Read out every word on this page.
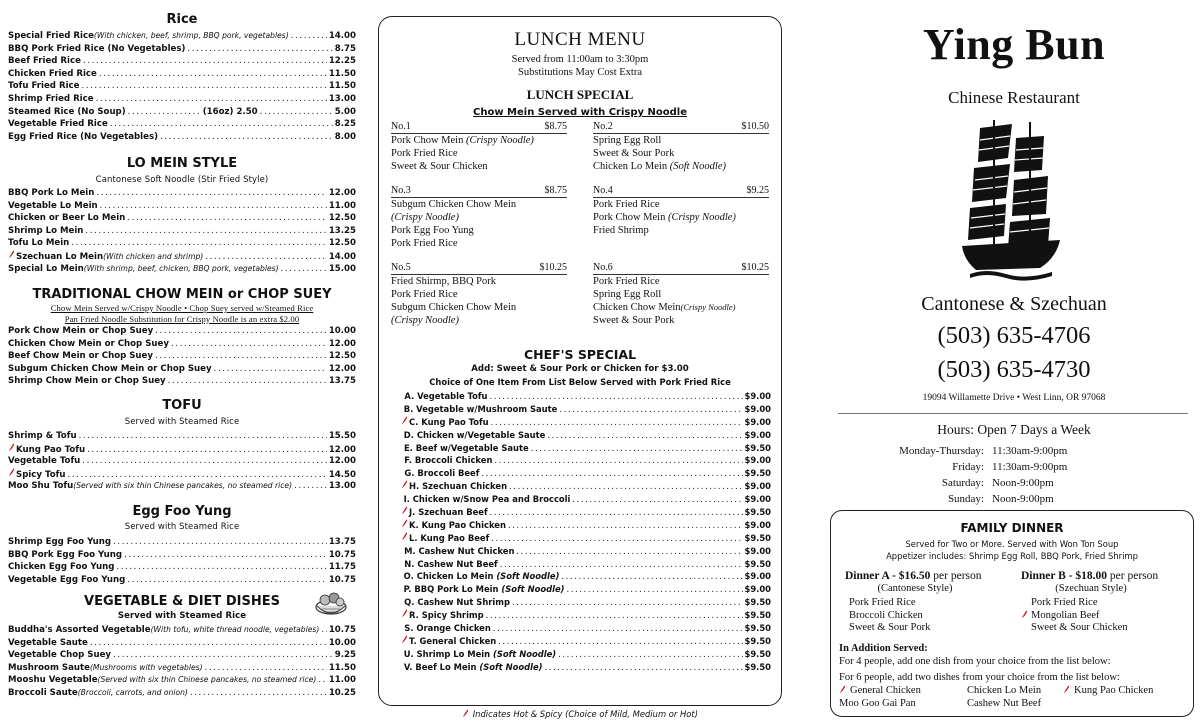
Rice
Special Fried Rice(With chicken, beef, shrimp, BBQ pork, vegetables) .....	14.00
BBQ Pork Fried Rice (No Vegetables) .....	8.75
Beef Fried Rice .....	12.25
Chicken Fried Rice .....	11.50
Tofu Fried Rice .....	11.50
Shrimp Fried Rice .....	13.00
Steamed Rice (No Soup) .....	(16oz) 2.50 .....	5.00
Vegetable Fried Rice .....	8.25
Egg Fried Rice (No Vegetables) .....	8.00
LO MEIN STYLE
Cantonese Soft Noodle (Stir Fried Style)
BBQ Pork Lo Mein .....	12.00
Vegetable Lo Mein .....	11.00
Chicken or Beer Lo Mein .....	12.50
Shrimp Lo Mein .....	13.25
Tofu Lo Mein .....	12.50
Szechuan Lo Mein(With chicken and shrimp) .....	14.00
Special Lo Mein(With shrimp, beef, chicken, BBQ pork, vegetables) .....	15.00
TRADITIONAL CHOW MEIN or CHOP SUEY
Chow Mein Served w/Crispy Noodle • Chop Suey served w/Steamed Rice
Pan Fried Noodle Substitution for Crispy Noodle is an extra $2.00
Pork Chow Mein or Chop Suey .....	10.00
Chicken Chow Mein or Chop Suey .....	12.00
Beef Chow Mein or Chop Suey .....	12.50
Subgum Chicken Chow Mein or Chop Suey .....	12.00
Shrimp Chow Mein or Chop Suey .....	13.75
TOFU
Served with Steamed Rice
Shrimp & Tofu .....	15.50
Kung Pao Tofu .....	12.00
Vegetable Tofu .....	12.00
Spicy Tofu .....	14.50
Moo Shu Tofu(Served with six thin Chinese pancakes, no steamed rice) .....	13.00
Egg Foo Yung
Served with Steamed Rice
Shrimp Egg Foo Yung .....	13.75
BBQ Pork Egg Foo Yung .....	10.75
Chicken Egg Foo Yung .....	11.75
Vegetable Egg Foo Yung .....	10.75
VEGETABLE & DIET DISHES
Served with Steamed Rice
Buddha's Assorted Vegetable(With tofu, white thread noodle, vegetables) ..... 10.75
Vegetable Saute .....	10.00
Vegetable Chop Suey .....	9.25
Mushroom Saute(Mushrooms with vegetables) .....	11.50
Mooshu Vegetable(Served with six thin Chinese pancakes, no steamed rice) ..... 11.00
Broccoli Saute(Broccoli, carrots, and onion) .....	10.25
LUNCH MENU
Served from 11:00am to 3:30pm
Substitutions May Cost Extra
LUNCH SPECIAL
Chow Mein Served with Crispy Noodle
No.1	$8.75
Pork Chow Mein (Crispy Noodle)
Pork Fried Rice
Sweet & Sour Chicken
No.2	$10.50
Spring Egg Roll
Sweet & Sour Pork
Chicken Lo Mein (Soft Noodle)
No.3	$8.75
Subgum Chicken Chow Mein
(Crispy Noodle)
Pork Egg Foo Yung
Pork Fried Rice
No.4	$9.25
Pork Fried Rice
Pork Chow Mein (Crispy Noodle)
Fried Shrimp
No.5	$10.25
Fried Shirmp, BBQ Pork
Pork Fried Rice
Subgum Chicken Chow Mein
(Crispy Noodle)
No.6	$10.25
Pork Fried Rice
Spring Egg Roll
Chicken Chow Mein(Crispy Noodle)
Sweet & Sour Pork
CHEF'S SPECIAL
Add: Sweet & Sour Pork or Chicken for $3.00
Choice of One Item From List Below Served with Pork Fried Rice
A. Vegetable Tofu .....	$9.00
B. Vegetable w/Mushroom Saute .....	$9.00
C. Kung Pao Tofu .....	$9.00
D. Chicken w/Vegetable Saute .....	$9.00
E. Beef w/Vegetable Saute .....	$9.50
F. Broccoli Chicken .....	$9.00
G. Broccoli Beef .....	$9.50
H. Szechuan Chicken .....	$9.00
I. Chicken w/Snow Pea and Broccoli .....	$9.00
J. Szechuan Beef .....	$9.50
K. Kung Pao Chicken .....	$9.00
L. Kung Pao Beef .....	$9.50
M. Cashew Nut Chicken .....	$9.00
N. Cashew Nut Beef .....	$9.50
O. Chicken Lo Mein (Soft Noodle) .....	$9.00
P. BBQ Pork Lo Mein (Soft Noodle) .....	$9.00
Q. Cashew Nut Shrimp .....	$9.50
R. Spicy Shrimp .....	$9.50
S. Orange Chicken .....	$9.50
T. General Chicken .....	$9.50
U. Shrimp Lo Mein (Soft Noodle) .....	$9.50
V. Beef Lo Mein (Soft Noodle) .....	$9.50
Indicates Hot & Spicy (Choice of Mild, Medium or Hot)
Ying Bun
Chinese Restaurant
Cantonese & Szechuan
(503) 635-4706
(503) 635-4730
19094 Willamette Drive • West Linn, OR 97068
Hours: Open 7 Days a Week
Monday-Thursday: 11:30am-9:00pm
Friday: 11:30am-9:00pm
Saturday: Noon-9:00pm
Sunday: Noon-9:00pm
FAMILY DINNER
Served for Two or More. Served with Won Ton Soup
Appetizer includes: Shrimp Egg Roll, BBQ Pork, Fried Shrimp
Dinner A - $16.50 per person
(Cantonese Style)
Pork Fried Rice
Broccoli Chicken
Sweet & Sour Pork
Dinner B - $18.00 per person
(Szechuan Style)
Pork Fried Rice
Mongolian Beef
Sweet & Sour Chicken
In Addition Served:
For 4 people, add one dish from your choice from the list below:
For 6 people, add two dishes from your choice from the list below:
General Chicken	Chicken Lo Mein	Kung Pao Chicken
Moo Goo Gai Pan	Cashew Nut Beef
